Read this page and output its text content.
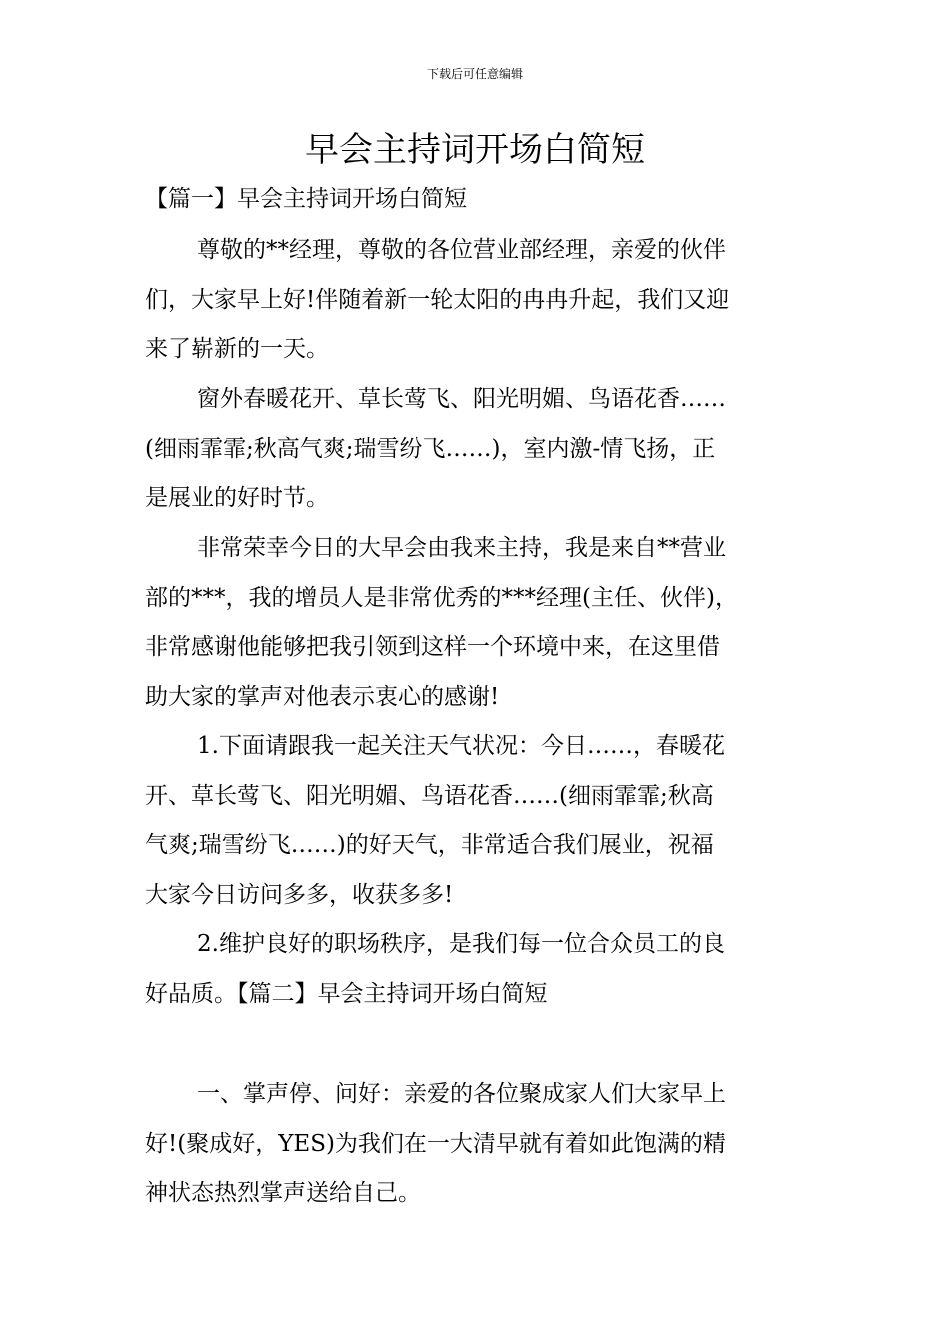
下载后可任意编辑
早会主持词开场白简短
【篇一】早会主持词开场白简短

尊敬的**经理，尊敬的各位营业部经理，亲爱的伙伴
们，大家早上好!伴随着新一轮太阳的冉冉升起，我们又迎
来了崭新的一天。

窗外春暖花开、草长莺飞、阳光明媚、鸟语花香……
(细雨霏霏;秋高气爽;瑞雪纷飞……)，室内激-情飞扬，正
是展业的好时节。

非常荣幸今日的大早会由我来主持，我是来自**营业
部的***，我的增员人是非常优秀的***经理(主任、伙伴)，
非常感谢他能够把我引领到这样一个环境中来，在这里借
助大家的掌声对他表示衷心的感谢!

1.下面请跟我一起关注天气状况：今日……，春暖花
开、草长莺飞、阳光明媚、鸟语花香……(细雨霏霏;秋高
气爽;瑞雪纷飞……)的好天气，非常适合我们展业，祝福
大家今日访问多多，收获多多!

2.维护良好的职场秩序，是我们每一位合众员工的良
好品质。【篇二】早会主持词开场白简短

一、掌声停、问好：亲爱的各位聚成家人们大家早上
好!(聚成好，YES)为我们在一大清早就有着如此饱满的精
神状态热烈掌声送给自己。
